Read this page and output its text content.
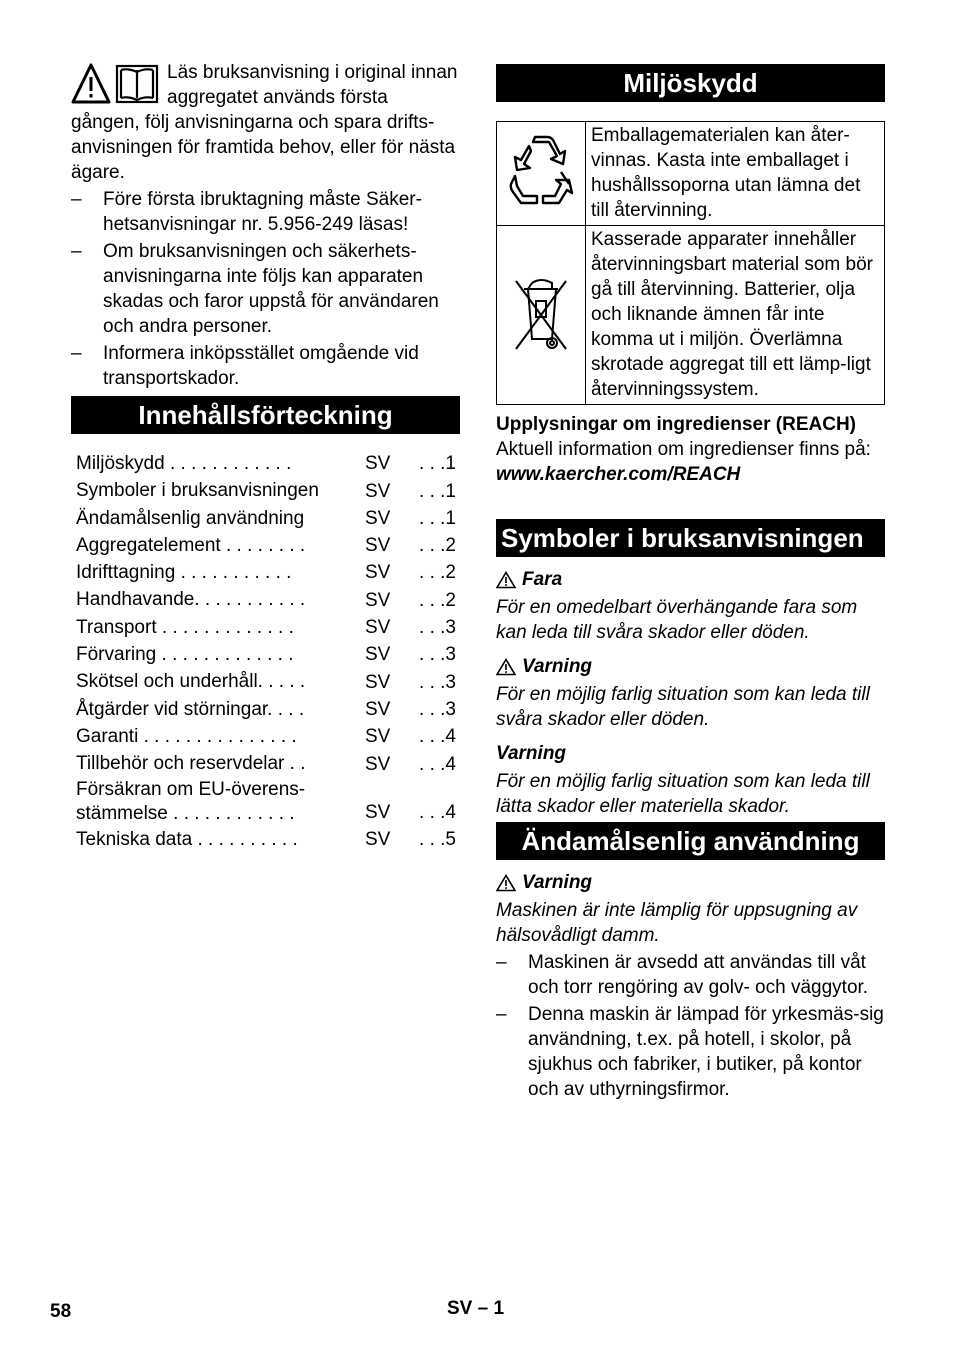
Läs bruksanvisning i original innan aggregatet används första gången, följ anvisningarna och spara drifts-anvisningen för framtida behov, eller för nästa ägare.

– Före första ibruktagning måste Säker-hetsanvisningar nr. 5.956-249 läsas!
– Om bruksanvisningen och säkerhets-anvisningarna inte följs kan apparaten skadas och faror uppstå för användaren och andra personer.
– Informera inköpsstället omgående vid transportskador.
Innehållsförteckning
Miljöskydd . . . . . . . . . . . .	SV . . .1
Symboler i bruksanvisningen	SV . . .1
Ändamålsenlig användning	SV . . .1
Aggregatelement . . . . . . . .	SV . . .2
Idrifttagning . . . . . . . . . . .	SV . . .2
Handhavande. . . . . . . . . . .	SV . . .2
Transport . . . . . . . . . . . . .	SV . . .3
Förvaring . . . . . . . . . . . . .	SV . . .3
Skötsel och underhåll. . . . .	SV . . .3
Åtgärder vid störningar. . . .	SV . . .3
Garanti . . . . . . . . . . . . . . .	SV . . .4
Tillbehör och reservdelar . .	SV . . .4
Försäkran om EU-överens-stämmelse . . . . . . . . . . . .	SV . . .4
Tekniska data . . . . . . . . . .	SV . . .5
Miljöskydd
	Emballagematerialen kan åter-vinnas. Kasta inte emballaget i hushållssoporna utan lämna det till återvinning.
	Kasserade apparater innehåller återvinningsbart material som bör gå till återvinning. Batterier, olja och liknande ämnen får inte komma ut i miljön. Överlämna skrotade aggregat till ett lämp-ligt återvinningssystem.
Upplysningar om ingredienser (REACH)
Aktuell information om ingredienser finns på:
www.kaercher.com/REACH
Symboler i bruksanvisningen
Fara
För en omedelbart överhängande fara som kan leda till svåra skador eller döden.
Varning
För en möjlig farlig situation som kan leda till svåra skador eller döden.
Varning
För en möjlig farlig situation som kan leda till lätta skador eller materiella skador.
Ändamålsenlig användning
Varning
Maskinen är inte lämplig för uppsugning av hälsovådligt damm.
– Maskinen är avsedd att användas till våt och torr rengöring av golv- och väggytor.
– Denna maskin är lämpad för yrkesmäs-sig användning, t.ex. på hotell, i skolor, på sjukhus och fabriker, i butiker, på kontor och av uthyrningsfirmor.
58	SV – 1
